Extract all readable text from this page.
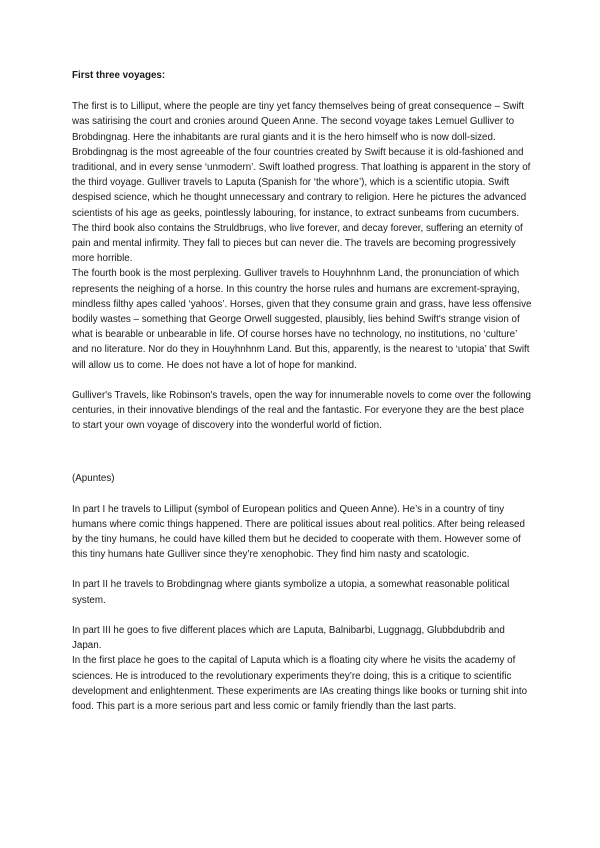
First three voyages:

The first is to Lilliput, where the people are tiny yet fancy themselves being of great consequence – Swift was satirising the court and cronies around Queen Anne. The second voyage takes Lemuel Gulliver to Brobdingnag. Here the inhabitants are rural giants and it is the hero himself who is now doll-sized. Brobdingnag is the most agreeable of the four countries created by Swift because it is old-fashioned and traditional, and in every sense ‘unmodern’. Swift loathed progress. That loathing is apparent in the story of the third voyage. Gulliver travels to Laputa (Spanish for ‘the whore’), which is a scientific utopia. Swift despised science, which he thought unnecessary and contrary to religion. Here he pictures the advanced scientists of his age as geeks, pointlessly labouring, for instance, to extract sunbeams from cucumbers. The third book also contains the Struldbrugs, who live forever, and decay forever, suffering an eternity of pain and mental infirmity. They fall to pieces but can never die. The travels are becoming progressively more horrible.

The fourth book is the most perplexing. Gulliver travels to Houyhnhnm Land, the pronunciation of which represents the neighing of a horse. In this country the horse rules and humans are excrement-spraying, mindless filthy apes called ‘yahoos’. Horses, given that they consume grain and grass, have less offensive bodily wastes – something that George Orwell suggested, plausibly, lies behind Swift's strange vision of what is bearable or unbearable in life. Of course horses have no technology, no institutions, no ‘culture’ and no literature. Nor do they in Houyhnhnm Land. But this, apparently, is the nearest to ‘utopia’ that Swift will allow us to come. He does not have a lot of hope for mankind.

Gulliver's Travels, like Robinson's travels, open the way for innumerable novels to come over the following centuries, in their innovative blendings of the real and the fantastic. For everyone they are the best place to start your own voyage of discovery into the wonderful world of fiction.

(Apuntes)

In part I he travels to Lilliput (symbol of European politics and Queen Anne). He’s in a country of tiny humans where comic things happened. There are political issues about real politics. After being released by the tiny humans, he could have killed them but he decided to cooperate with them. However some of this tiny humans hate Gulliver since they’re xenophobic. They find him nasty and scatologic.

In part II he travels to Brobdingnag where giants symbolize a utopia, a somewhat reasonable political system.

In part III he goes to five different places which are Laputa, Balnibarbi, Luggnagg, Glubbdubdrib and Japan.

In the first place he goes to the capital of Laputa which is a floating city where he visits the academy of sciences. He is introduced to the revolutionary experiments they’re doing, this is a critique to scientific development and enlightenment. These experiments are IAs creating things like books or turning shit into food. This part is a more serious part and less comic or family friendly than the last parts.
